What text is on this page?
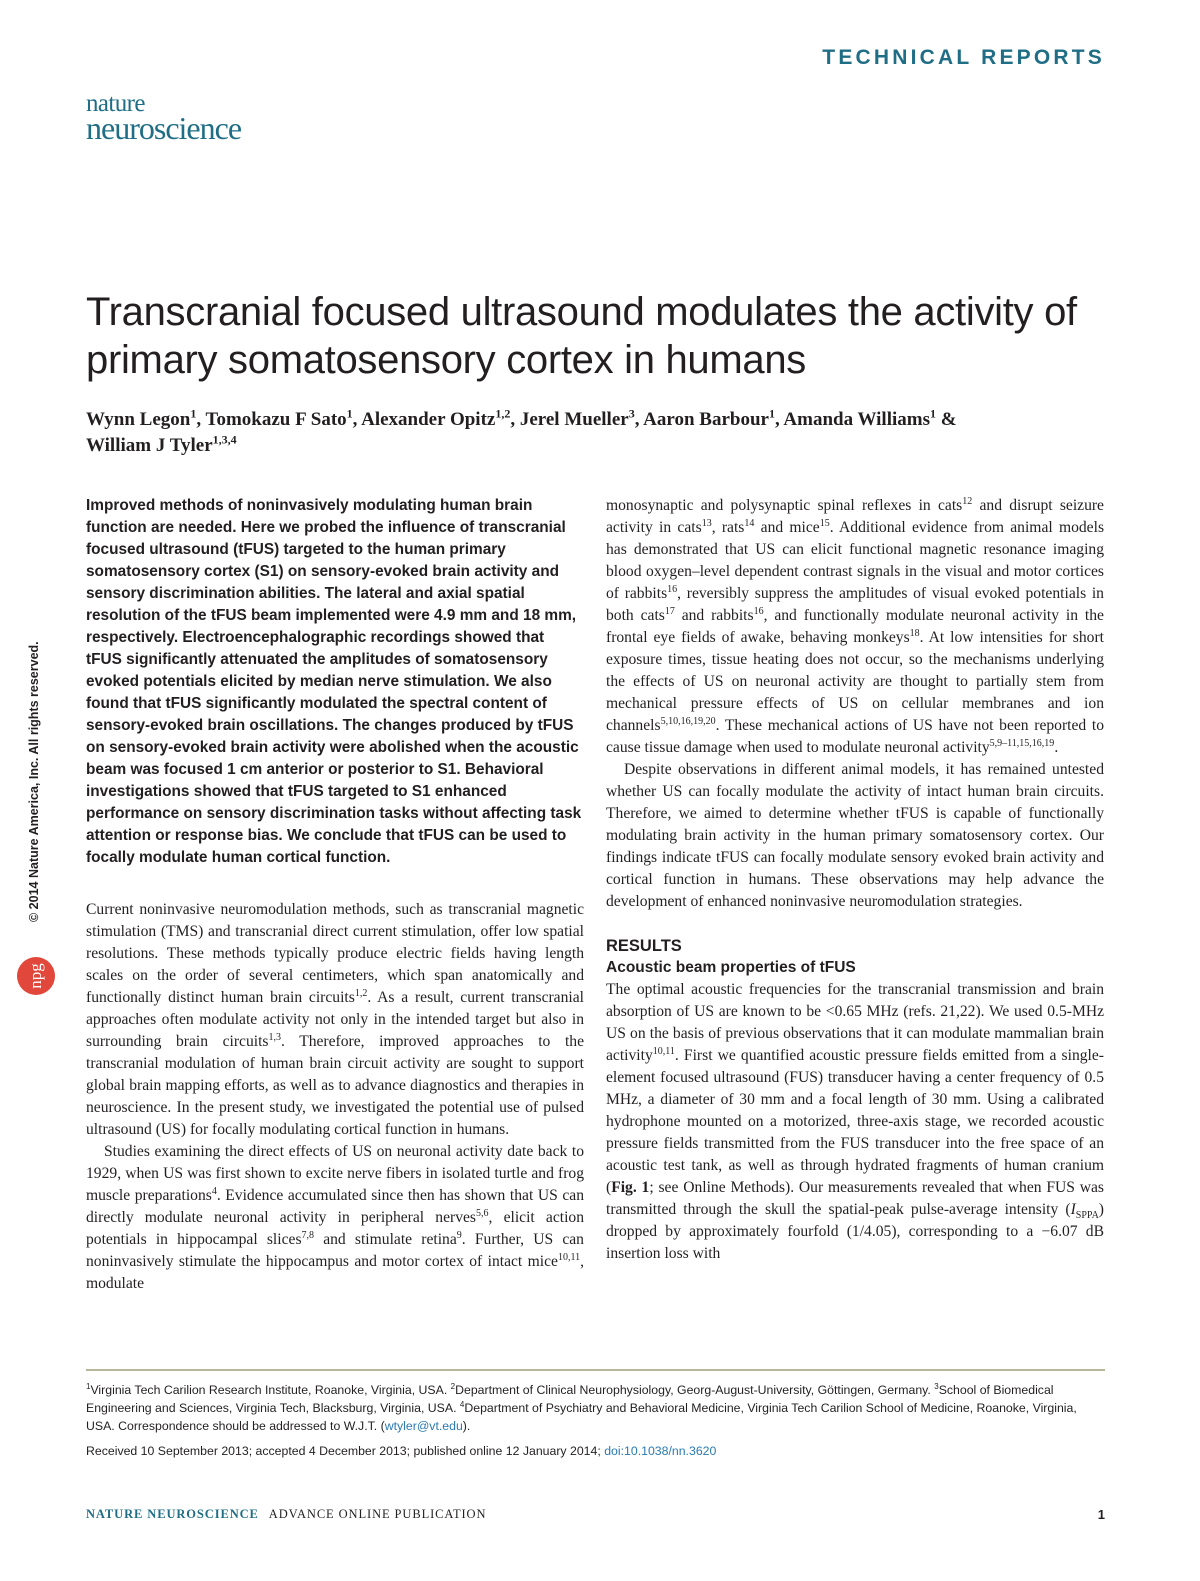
TECHNICAL REPORTS
nature
neuroscience
Transcranial focused ultrasound modulates the activity of primary somatosensory cortex in humans
Wynn Legon$^1$, Tomokazu F Sato$^1$, Alexander Opitz$^{1,2}$, Jerel Mueller$^3$, Aaron Barbour$^1$, Amanda Williams$^1$ &
William J Tyler$^{1,3,4}$
© 2014 Nature America, Inc. All rights reserved.
npg

Improved methods of noninvasively modulating human brain function are needed. Here we probed the influence of transcranial focused ultrasound (tFUS) targeted to the human primary somatosensory cortex (S1) on sensory-evoked brain activity and sensory discrimination abilities. The lateral and axial spatial resolution of the tFUS beam implemented were 4.9 mm and 18 mm, respectively. Electroencephalographic recordings showed that tFUS significantly attenuated the amplitudes of somatosensory evoked potentials elicited by median nerve stimulation. We also found that tFUS significantly modulated the spectral content of sensory-evoked brain oscillations. The changes produced by tFUS on sensory-evoked brain activity were abolished when the acoustic beam was focused 1 cm anterior or posterior to S1. Behavioral investigations showed that tFUS targeted to S1 enhanced performance on sensory discrimination tasks without affecting task attention or response bias. We conclude that tFUS can be used to focally modulate human cortical function.

Current noninvasive neuromodulation methods, such as transcranial magnetic stimulation (TMS) and transcranial direct current stimulation, offer low spatial resolutions. These methods typically produce electric fields having length scales on the order of several centimeters, which span anatomically and functionally distinct human brain circuits$^{1,2}$. As a result, current transcranial approaches often modulate activity not only in the intended target but also in surrounding brain circuits$^{1,3}$. Therefore, improved approaches to the transcranial modulation of human brain circuit activity are sought to support global brain mapping efforts, as well as to advance diagnostics and therapies in neuroscience. In the present study, we investigated the potential use of pulsed ultrasound (US) for focally modulating cortical function in humans.

Studies examining the direct effects of US on neuronal activity date back to 1929, when US was first shown to excite nerve fibers in isolated turtle and frog muscle preparations$^4$. Evidence accumulated since then has shown that US can directly modulate neuronal activity in peripheral nerves$^{5,6}$, elicit action potentials in hippocampal slices$^{7,8}$ and stimulate retina$^9$. Further, US can noninvasively stimulate the hippocampus and motor cortex of intact mice$^{10,11}$, modulate

monosynaptic and polysynaptic spinal reflexes in cats$^{12}$ and disrupt seizure activity in cats$^{13}$, rats$^{14}$ and mice$^{15}$. Additional evidence from animal models has demonstrated that US can elicit functional magnetic resonance imaging blood oxygen–level dependent contrast signals in the visual and motor cortices of rabbits$^{16}$, reversibly suppress the amplitudes of visual evoked potentials in both cats$^{17}$ and rabbits$^{16}$, and functionally modulate neuronal activity in the frontal eye fields of awake, behaving monkeys$^{18}$. At low intensities for short exposure times, tissue heating does not occur, so the mechanisms underlying the effects of US on neuronal activity are thought to partially stem from mechanical pressure effects of US on cellular membranes and ion channels$^{5,10,16,19,20}$. These mechanical actions of US have not been reported to cause tissue damage when used to modulate neuronal activity$^{5,9-11,15,16,19}$.

Despite observations in different animal models, it has remained untested whether US can focally modulate the activity of intact human brain circuits. Therefore, we aimed to determine whether tFUS is capable of functionally modulating brain activity in the human primary somatosensory cortex. Our findings indicate tFUS can focally modulate sensory evoked brain activity and cortical function in humans. These observations may help advance the development of enhanced noninvasive neuromodulation strategies.

RESULTS
Acoustic beam properties of tFUS

The optimal acoustic frequencies for the transcranial transmission and brain absorption of US are known to be <0.65 MHz (refs. 21,22). We used 0.5-MHz US on the basis of previous observations that it can modulate mammalian brain activity$^{10,11}$. First we quantified acoustic pressure fields emitted from a single-element focused ultrasound (FUS) transducer having a center frequency of 0.5 MHz, a diameter of 30 mm and a focal length of 30 mm. Using a calibrated hydrophone mounted on a motorized, three-axis stage, we recorded acoustic pressure fields transmitted from the FUS transducer into the free space of an acoustic test tank, as well as through hydrated fragments of human cranium (Fig. 1; see Online Methods). Our measurements revealed that when FUS was transmitted through the skull the spatial-peak pulse-average intensity $(I_{SPPA})$ dropped by approximately fourfold (1/4.05), corresponding to a −6.07 dB insertion loss with

$^1$Virginia Tech Carilion Research Institute, Roanoke, Virginia, USA. $^2$Department of Clinical Neurophysiology, Georg-August-University, Göttingen, Germany. $^3$School of Biomedical Engineering and Sciences, Virginia Tech, Blacksburg, Virginia, USA. $^4$Department of Psychiatry and Behavioral Medicine, Virginia Tech Carilion School of Medicine, Roanoke, Virginia, USA. Correspondence should be addressed to W.J.T. (wtyler@vt.edu).
Received 10 September 2013; accepted 4 December 2013; published online 12 January 2014; doi:10.1038/nn.3620
NATURE NEUROSCIENCE ADVANCE ONLINE PUBLICATION	1
